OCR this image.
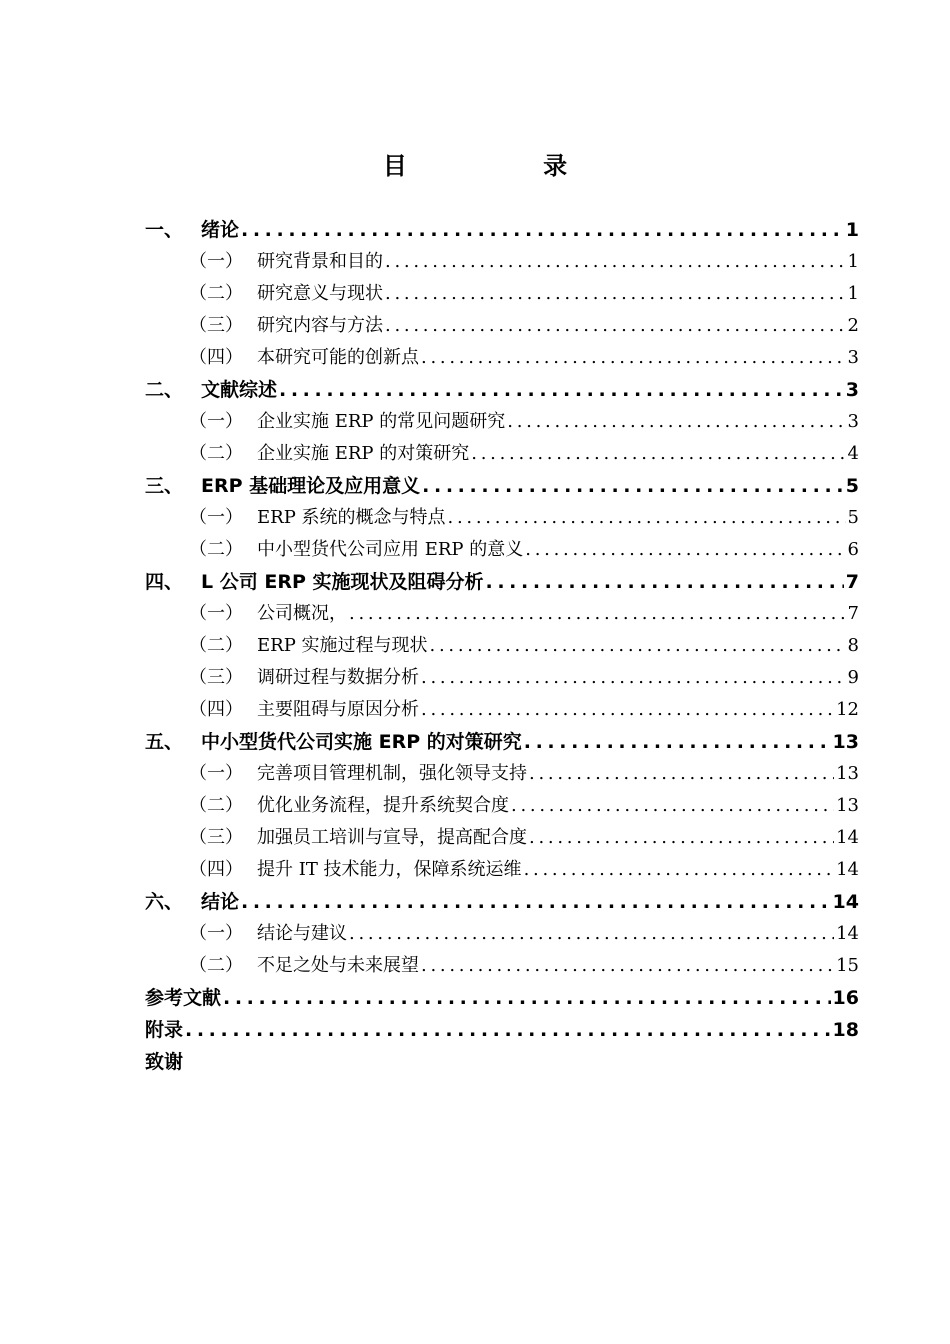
目 录
一、 绪论 . . .	1
（一） 研究背景和目的 . . .	1
（二） 研究意义与现状 . . .	1
（三） 研究内容与方法 . . .	2
（四） 本研究可能的创新点 . . .	3
二、 文献综述 . . .	3
（一） 企业实施 ERP 的常见问题研究 . . .	3
（二） 企业实施 ERP 的对策研究 . . .	4
三、 ERP 基础理论及应用意义 . . .	5
（一） ERP 系统的概念与特点 . . .	5
（二） 中小型货代公司应用 ERP 的意义 . . .	6
四、 L 公司 ERP 实施现状及阻碍分析 . . .	7
（一） 公司概况， . . .	7
（二） ERP 实施过程与现状 . . .	8
（三） 调研过程与数据分析 . . .	9
（四） 主要阻碍与原因分析 . . .	12
五、 中小型货代公司实施 ERP 的对策研究 . . .	13
（一） 完善项目管理机制，强化领导支持 . . .	13
（二） 优化业务流程，提升系统契合度 . . .	13
（三） 加强员工培训与宣导，提高配合度 . . .	14
（四） 提升 IT 技术能力，保障系统运维 . . .	14
六、 结论 . . .	14
（一） 结论与建议 . . .	14
（二） 不足之处与未来展望 . . .	15
参考文献 . . .	16
附录 . . .	18
致谢
